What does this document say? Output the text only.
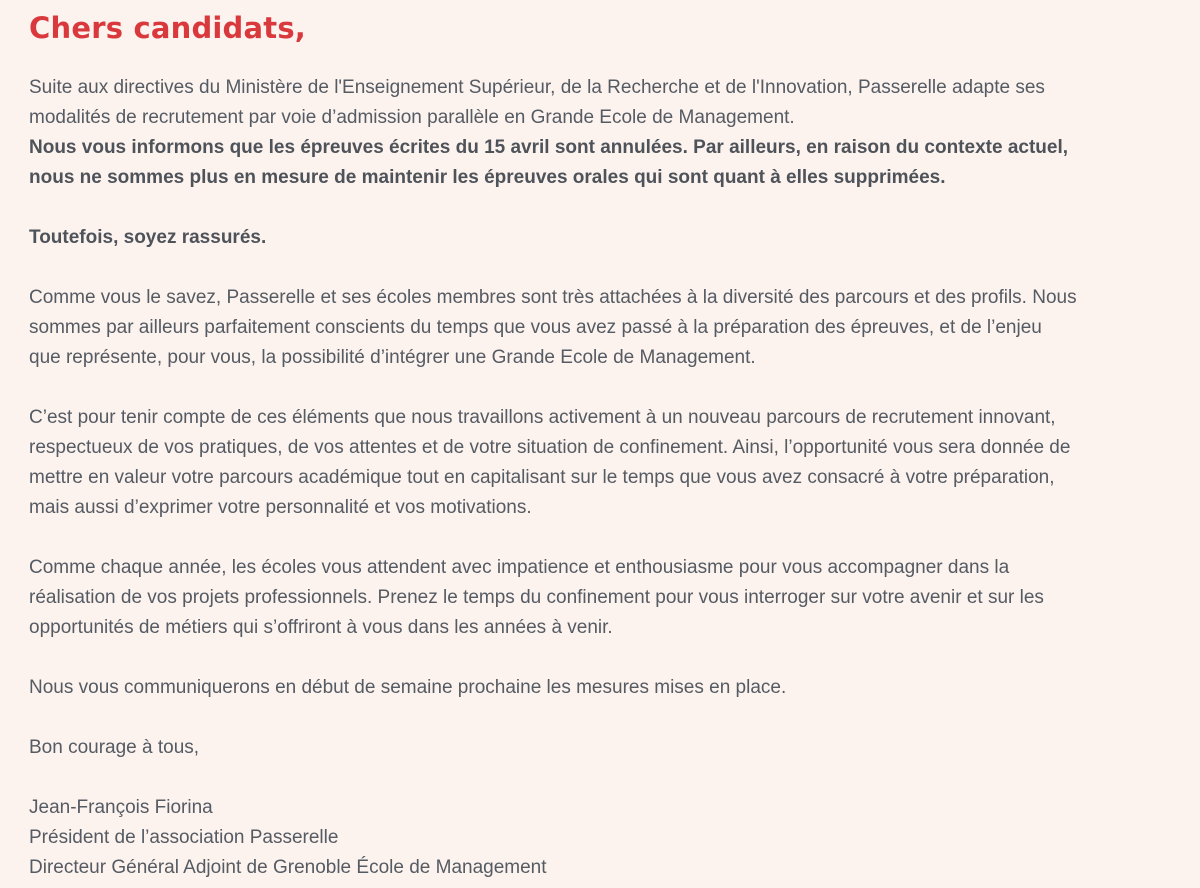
Chers candidats,

Suite aux directives du Ministère de l'Enseignement Supérieur, de la Recherche et de l'Innovation, Passerelle adapte ses
modalités de recrutement par voie d’admission parallèle en Grande Ecole de Management.
Nous vous informons que les épreuves écrites du 15 avril sont annulées. Par ailleurs, en raison du contexte actuel,
nous ne sommes plus en mesure de maintenir les épreuves orales qui sont quant à elles supprimées.

Toutefois, soyez rassurés.

Comme vous le savez, Passerelle et ses écoles membres sont très attachées à la diversité des parcours et des profils. Nous
sommes par ailleurs parfaitement conscients du temps que vous avez passé à la préparation des épreuves, et de l’enjeu
que représente, pour vous, la possibilité d’intégrer une Grande Ecole de Management.

C’est pour tenir compte de ces éléments que nous travaillons activement à un nouveau parcours de recrutement innovant,
respectueux de vos pratiques, de vos attentes et de votre situation de confinement. Ainsi, l’opportunité vous sera donnée de
mettre en valeur votre parcours académique tout en capitalisant sur le temps que vous avez consacré à votre préparation,
mais aussi d’exprimer votre personnalité et vos motivations.

Comme chaque année, les écoles vous attendent avec impatience et enthousiasme pour vous accompagner dans la
réalisation de vos projets professionnels. Prenez le temps du confinement pour vous interroger sur votre avenir et sur les
opportunités de métiers qui s’offriront à vous dans les années à venir.

Nous vous communiquerons en début de semaine prochaine les mesures mises en place.

Bon courage à tous,

Jean-François Fiorina
Président de l’association Passerelle
Directeur Général Adjoint de Grenoble École de Management
